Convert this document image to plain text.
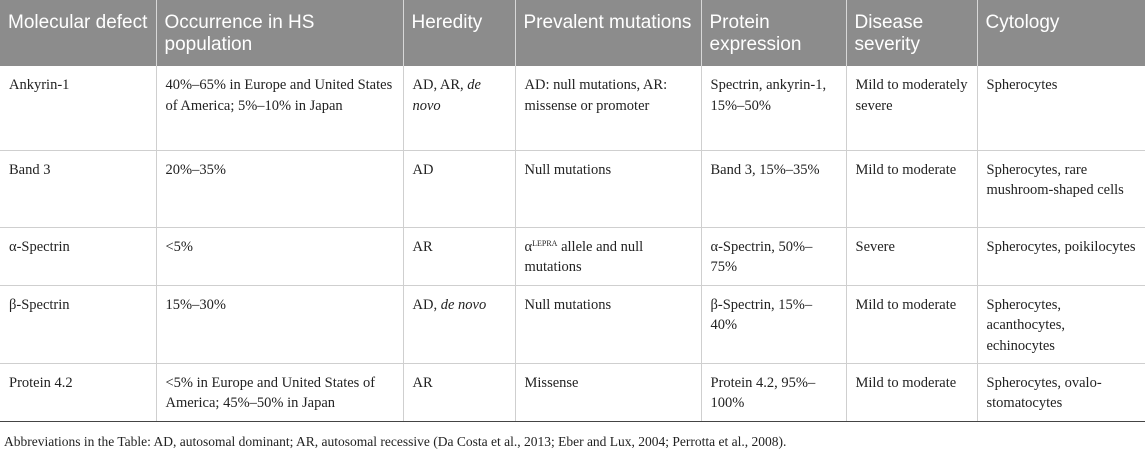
Molecular defect	Occurrence in HS population	Heredity	Prevalent mutations	Protein expression	Disease severity	Cytology
Ankyrin-1	40%–65% in Europe and United States of America; 5%–10% in Japan	AD, AR, de novo	AD: null mutations, AR: missense or promoter	Spectrin, ankyrin-1, 15%–50%	Mild to moderately severe	Spherocytes
Band 3	20%–35%	AD	Null mutations	Band 3, 15%–35%	Mild to moderate	Spherocytes, rare mushroom-shaped cells
α-Spectrin	<5%	AR	$\alpha^{LEPRA}$ allele and null mutations	α-Spectrin, 50%–75%	Severe	Spherocytes, poikilocytes
β-Spectrin	15%–30%	AD, de novo	Null mutations	β-Spectrin, 15%–40%	Mild to moderate	Spherocytes, acanthocytes, echinocytes
Protein 4.2	<5% in Europe and United States of America; 45%–50% in Japan	AR	Missense	Protein 4.2, 95%–100%	Mild to moderate	Spherocytes, ovalo-stomatocytes
Abbreviations in the Table: AD, autosomal dominant; AR, autosomal recessive (Da Costa et al., 2013; Eber and Lux, 2004; Perrotta et al., 2008).
